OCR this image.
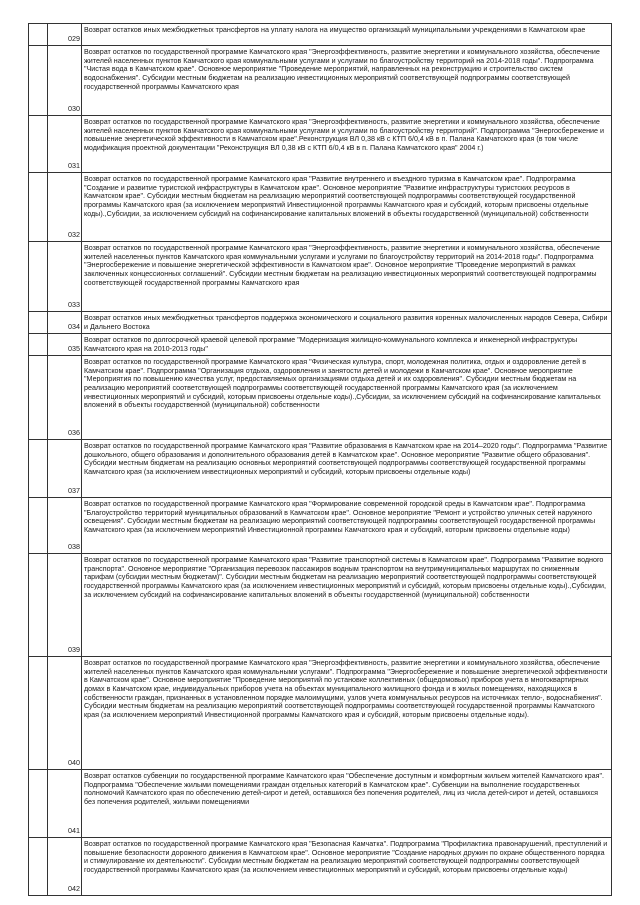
	029	Возврат остатков иных межбюджетных трансфертов на уплату налога на имущество организаций муниципальными учреждениями в Камчатском крае
	030	Возврат остатков по государственной программе Камчатского края "Энергоэффективность, развитие энергетики и коммунального хозяйства, обеспечение жителей населенных пунктов Камчатского края коммунальными услугами и услугами по благоустройству территорий на 2014-2018 годы". Подпрограмма "Чистая вода в Камчатском крае". Основное мероприятие "Проведение мероприятий, направленных на реконструкцию и строительство систем водоснабжения". Субсидии местным бюджетам на реализацию инвестиционных мероприятий соответствующей подпрограммы соответствующей государственной программы Камчатского края
	031	Возврат остатков по государственной программе Камчатского края "Энергоэффективность, развитие энергетики и коммунального хозяйства, обеспечение жителей населенных пунктов Камчатского края коммунальными услугами и услугами по благоустройству территорий". Подпрограмма "Энергосбережение и повышение энергетической эффективности в Камчатском крае".Реконструкция ВЛ 0,38 кВ с КТП 6/0,4 кВ в п. Палана Камчатского края (в том числе модификация проектной документации "Реконструкция ВЛ 0,38 кВ с КТП 6/0,4 кВ в п. Палана Камчатского края" 2004 г.)
	032	Возврат остатков по государственной программе Камчатского края "Развитие внутреннего и въездного туризма в Камчатском крае". Подпрограмма "Создание и развитие туристской инфраструктуры в Камчатском крае". Основное мероприятие "Развитие инфраструктуры туристских ресурсов в Камчатском крае". Субсидии местным бюджетам на реализацию мероприятий соответствующей подпрограммы соответствующей государственной программы Камчатского края (за исключением мероприятий Инвестиционной программы Камчатского края и субсидий, которым присвоены отдельные коды).,Субсидии, за исключением субсидий на софинансирование капитальных вложений в объекты государственной (муниципальной) собственности
	033	Возврат остатков по государственной программе Камчатского края "Энергоэффективность, развитие энергетики и коммунального хозяйства, обеспечение жителей населенных пунктов Камчатского края коммунальными услугами и услугами по благоустройству территорий на 2014-2018 годы". Подпрограмма "Энергосбережение и повышение энергетической эффективности в Камчатском крае". Основное мероприятие "Проведение мероприятий в рамках заключенных концессионных соглашений". Субсидии местным бюджетам на реализацию инвестиционных мероприятий соответствующей подпрограммы соответствующей государственной программы Камчатского края
	034	Возврат остатков иных межбюджетных трансфертов поддержка экономического и социального развития коренных малочисленных народов Севера, Сибири и Дальнего Востока
	035	Возврат остатков по долгосрочной краевой целевой программе "Модернизация жилищно-коммунального комплекса и инженерной инфраструктуры Камчатского края на 2010-2013 годы"
	036	Возврат остатков по государственной программе Камчатского края "Физическая культура, спорт, молодежная политика, отдых и оздоровление детей в Камчатском крае". Подпрограмма "Организация отдыха, оздоровления и занятости детей и молодежи в Камчатском крае". Основное мероприятие "Мероприятия по повышению качества услуг, предоставляемых организациями отдыха детей и их оздоровления". Субсидии местным бюджетам на реализацию мероприятий соответствующей подпрограммы соответствующей государственной программы Камчатского края (за исключением инвестиционных мероприятий и субсидий, которым присвоены отдельные коды).,Субсидии, за исключением субсидий на софинансирование капитальных вложений в объекты государственной (муниципальной) собственности
	037	Возврат остатков по государственной программе Камчатского края "Развитие образования в Камчатском крае на 2014–2020 годы". Подпрограмма "Развитие дошкольного, общего образования и дополнительного образования детей в Камчатском крае". Основное мероприятие "Развитие общего образования". Субсидии местным бюджетам на реализацию основных мероприятий соответствующей подпрограммы соответствующей государственной программы Камчатского края (за исключением инвестиционных мероприятий и субсидий, которым присвоены отдельные коды)
	038	Возврат остатков по государственной программе Камчатского края "Формирование современной городской среды в Камчатском крае". Подпрограмма "Благоустройство территорий муниципальных образований в Камчатском крае". Основное мероприятие "Ремонт и устройство уличных сетей наружного освещения". Субсидии местным бюджетам на реализацию мероприятий соответствующей подпрограммы соответствующей государственной программы Камчатского края (за исключением мероприятий Инвестиционной программы Камчатского края и субсидий, которым присвоены отдельные коды)
	039	Возврат остатков по государственной программе Камчатского края "Развитие транспортной системы в Камчатском крае". Подпрограмма "Развитие водного транспорта". Основное мероприятие "Организация перевозок пассажиров водным транспортом на внутримуниципальных маршрутах по сниженным тарифам (субсидии местным бюджетам)". Субсидии местным бюджетам на реализацию мероприятий соответствующей подпрограммы соответствующей государственной программы Камчатского края (за исключением инвестиционных мероприятий и субсидий, которым присвоены отдельные коды).,Субсидии, за исключением субсидий на софинансирование капитальных вложений в объекты государственной (муниципальной) собственности
	040	Возврат остатков по государственной программе Камчатского края "Энергоэффективность, развитие энергетики и коммунального хозяйства, обеспечение жителей населенных пунктов Камчатского края коммунальными услугами". Подпрограмма "Энергосбережение и повышение энергетической эффективности в Камчатском крае". Основное мероприятие "Проведение мероприятий по установке коллективных (общедомовых) приборов учета в многоквартирных домах в Камчатском крае, индивидуальных приборов учета на объектах муниципального жилищного фонда и в жилых помещениях, находящихся в собственности граждан, признанных в установленном порядке малоимущими, узлов учета коммунальных ресурсов на источниках тепло-, водоснабжения". Субсидии местным бюджетам на реализацию мероприятий соответствующей подпрограммы соответствующей государственной программы Камчатского края (за исключением мероприятий Инвестиционной программы Камчатского края и субсидий, которым присвоены отдельные коды).
	041	Возврат остатков субвенции по государственной программе Камчатского края "Обеспечение доступным и комфортным жильем жителей Камчатского края". Подпрограмма "Обеспечение жилыми помещениями граждан отдельных категорий в Камчатском крае". Субвенции на выполнение государственных полномочий Камчатского края по обеспечению детей-сирот и детей, оставшихся без попечения родителей, лиц из числа детей-сирот и детей, оставшихся без попечения родителей, жилыми помещениями
	042	Возврат остатков по государственной программе Камчатского края "Безопасная Камчатка". Подпрограмма "Профилактика правонарушений, преступлений и повышение безопасности дорожного движения в Камчатском крае". Основное мероприятие "Создание народных дружин по охране общественного порядка и стимулирование их деятельности". Субсидии местным бюджетам на реализацию мероприятий соответствующей подпрограммы соответствующей государственной программы Камчатского края (за исключением инвестиционных мероприятий и субсидий, которым присвоены отдельные коды)
